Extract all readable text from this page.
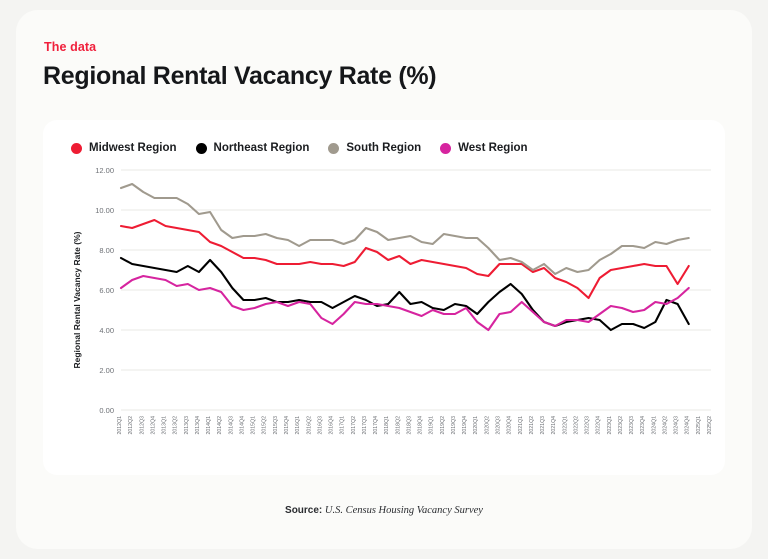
The data
Regional Rental Vacancy Rate (%)
Midwest Region	Northeast Region	South Region	West Region
Regional Rental Vacancy Rate (%)
0.00
2.00
4.00
6.00
8.00
10.00
12.00
2012Q1 2012Q2 2012Q3 2012Q4 2013Q1 2013Q2 2013Q3 2013Q4 2014Q1 2014Q2 2014Q3 2014Q4 2015Q1 2015Q2 2015Q3 2015Q4 2016Q1 2016Q2 2016Q3 2016Q4 2017Q1 2017Q2 2017Q3 2017Q4 2018Q1 2018Q2 2018Q3 2018Q4 2019Q1 2019Q2 2019Q3 2019Q4 2020Q1 2020Q2 2020Q3 2020Q4 2021Q1 2021Q2 2021Q3 2021Q4 2022Q1 2022Q2 2022Q3 2022Q4 2023Q1 2023Q2 2023Q3 2023Q4 2024Q1 2024Q2 2024Q3 2024Q4 2025Q1 2025Q2
Source: U.S. Census Housing Vacancy Survey
